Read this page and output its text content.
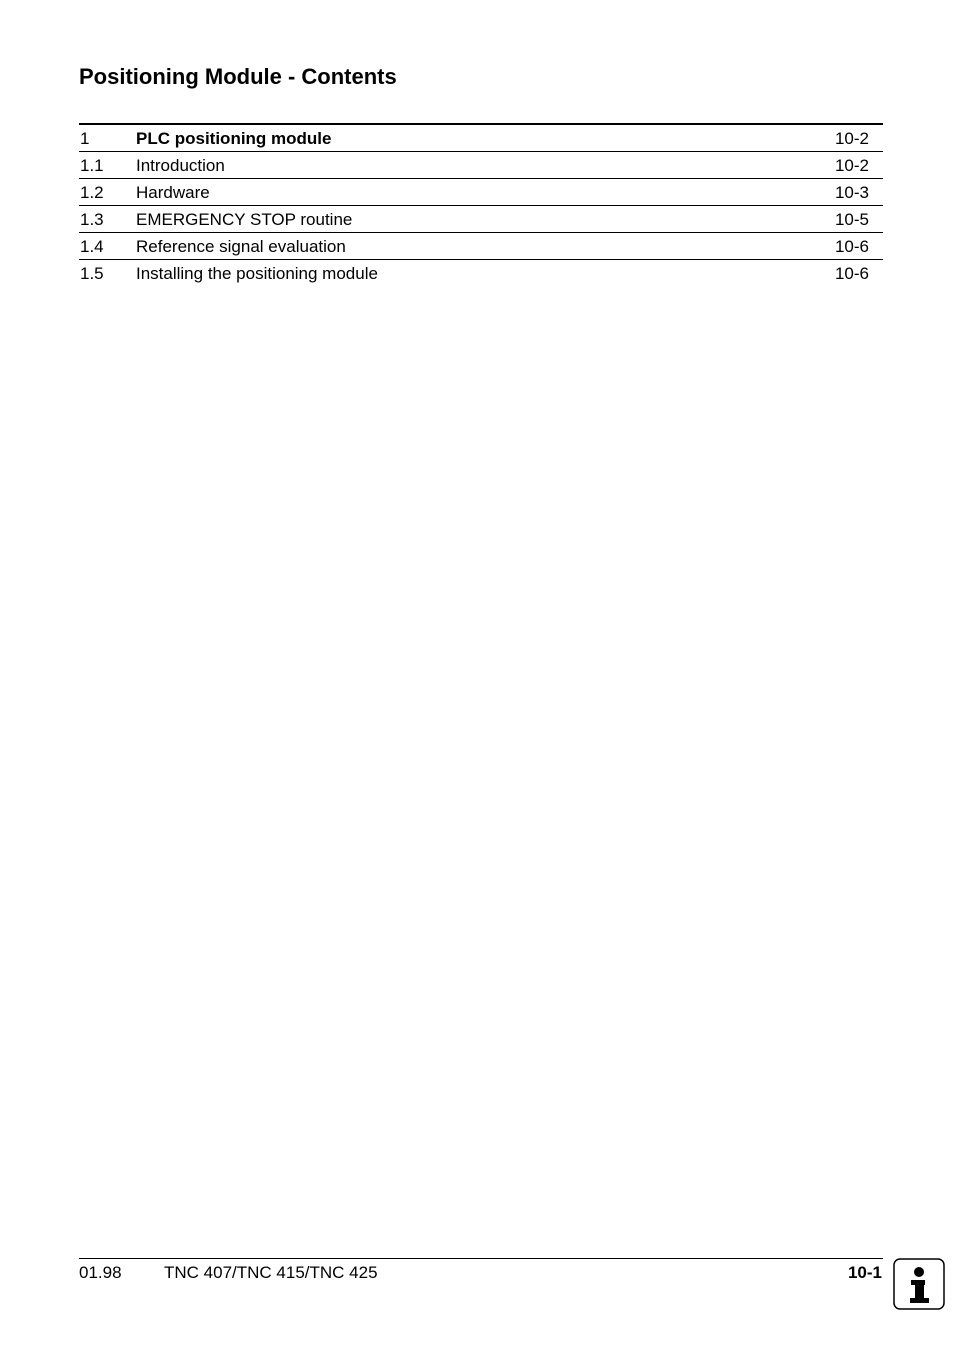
Positioning Module - Contents
1	PLC positioning module	10-2
1.1 Introduction	10-2
1.2 Hardware	10-3
1.3 EMERGENCY STOP routine	10-5
1.4 Reference signal evaluation	10-6
1.5 Installing the positioning module	10-6
01.98 TNC 407/TNC 415/TNC 425	10-1
